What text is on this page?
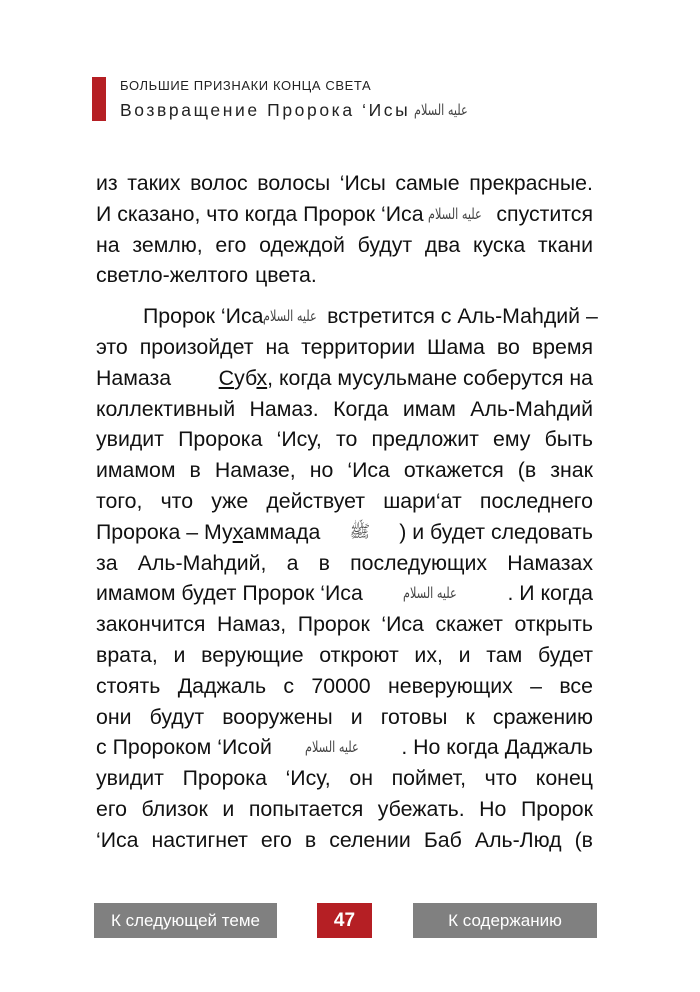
БОЛЬШИЕ ПРИЗНАКИ КОНЦА СВЕТА
Возвращение Пророка ‘Исы عليه السلام
из таких волос волосы ‘Исы самые прекрасные.
И сказано, что когда Пророк ‘Иса عليه السلام спустится
на землю, его одеждой будут два куска ткани
светло-желтого цвета.
Пророк ‘Иса عليه السلام встретится с Аль-Маhдий –
это произойдет на территории Шама во время
Намаза Субх, когда мусульмане соберутся на
коллективный Намаз. Когда имам Аль-Маhдий
увидит Пророка ‘Ису, то предложит ему быть
имамом в Намазе, но ‘Иса откажется (в знак
того, что уже действует шари‘ат последнего
Пророка – Мухаммада ﷺ ) и будет следовать
за Аль-Маhдий, а в последующих Намазах
имамом будет Пророк ‘Иса	عليه السلام . И когда
закончится Намаз, Пророк ‘Иса скажет открыть
врата, и верующие откроют их, и там будет
стоять Даджаль с 70000 неверующих – все
они будут вооружены и готовы к сражению
с Пророком ‘Исой عليه السلام . Но когда Даджаль
увидит Пророка ‘Ису, он поймет, что конец
его близок и попытается убежать. Но Пророк
‘Иса настигнет его в селении Баб Аль-Люд (в
К следующей теме	47	К содержанию
